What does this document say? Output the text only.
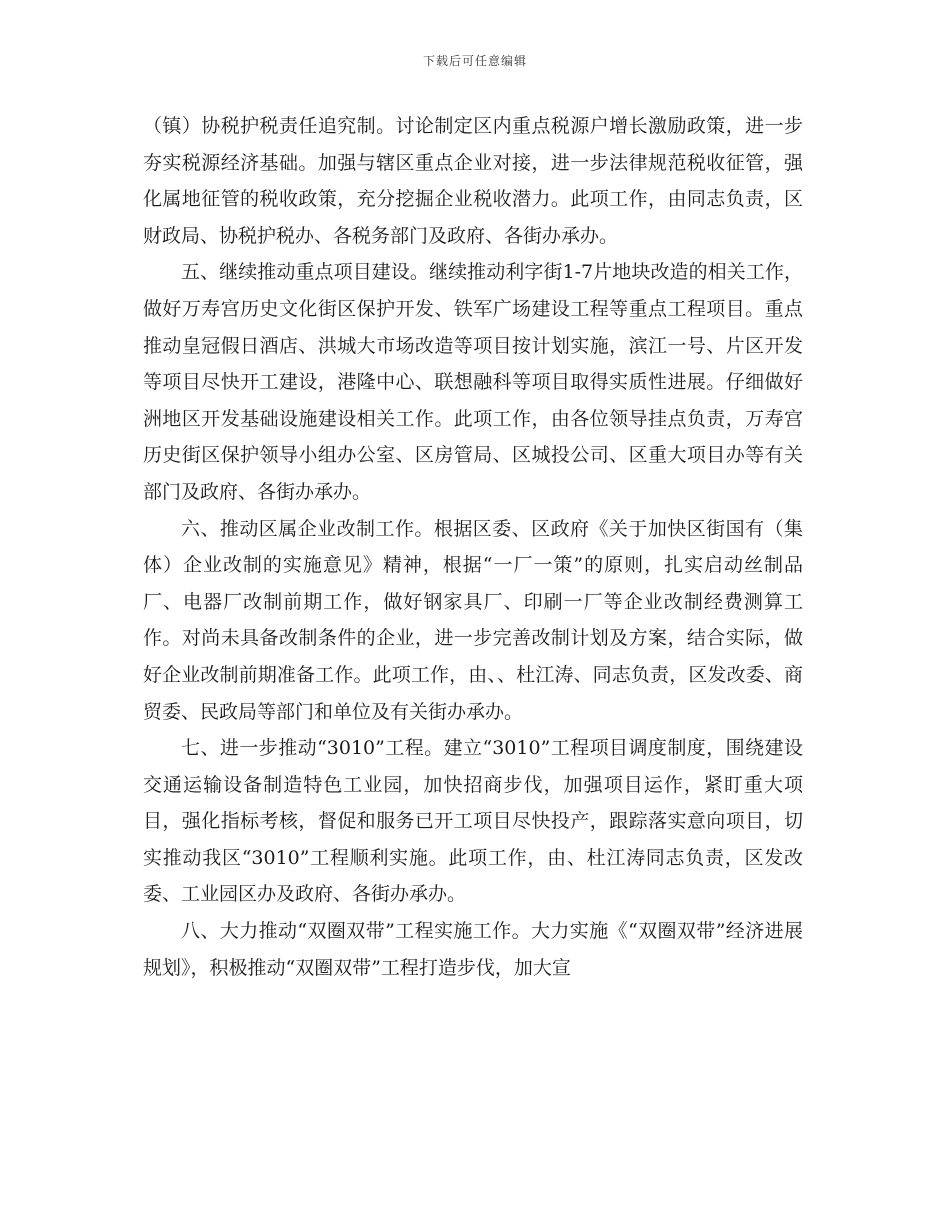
下载后可任意编辑

（镇）协税护税责任追究制。讨论制定区内重点税源户增长激励政策，进一步夯实税源经济基础。加强与辖区重点企业对接，进一步法律规范税收征管，强化属地征管的税收政策，充分挖掘企业税收潜力。此项工作，由同志负责，区财政局、协税护税办、各税务部门及政府、各街办承办。

五、继续推动重点项目建设。继续推动利字街1-7片地块改造的相关工作，做好万寿宫历史文化街区保护开发、铁军广场建设工程等重点工程项目。重点推动皇冠假日酒店、洪城大市场改造等项目按计划实施，滨江一号、片区开发等项目尽快开工建设，港隆中心、联想融科等项目取得实质性进展。仔细做好洲地区开发基础设施建设相关工作。此项工作，由各位领导挂点负责，万寿宫历史街区保护领导小组办公室、区房管局、区城投公司、区重大项目办等有关部门及政府、各街办承办。

六、推动区属企业改制工作。根据区委、区政府《关于加快区街国有（集体）企业改制的实施意见》精神，根据“一厂一策”的原则，扎实启动丝制品厂、电器厂改制前期工作，做好钢家具厂、印刷一厂等企业改制经费测算工作。对尚未具备改制条件的企业，进一步完善改制计划及方案，结合实际，做好企业改制前期准备工作。此项工作，由、、杜江涛、同志负责，区发改委、商贸委、民政局等部门和单位及有关街办承办。

七、进一步推动“3010”工程。建立“3010”工程项目调度制度，围绕建设交通运输设备制造特色工业园，加快招商步伐，加强项目运作，紧盯重大项目，强化指标考核，督促和服务已开工项目尽快投产，跟踪落实意向项目，切实推动我区“3010”工程顺利实施。此项工作，由、杜江涛同志负责，区发改委、工业园区办及政府、各街办承办。

八、大力推动“双圈双带”工程实施工作。大力实施《“双圈双带”经济进展规划》，积极推动“双圈双带”工程打造步伐，加大宣
